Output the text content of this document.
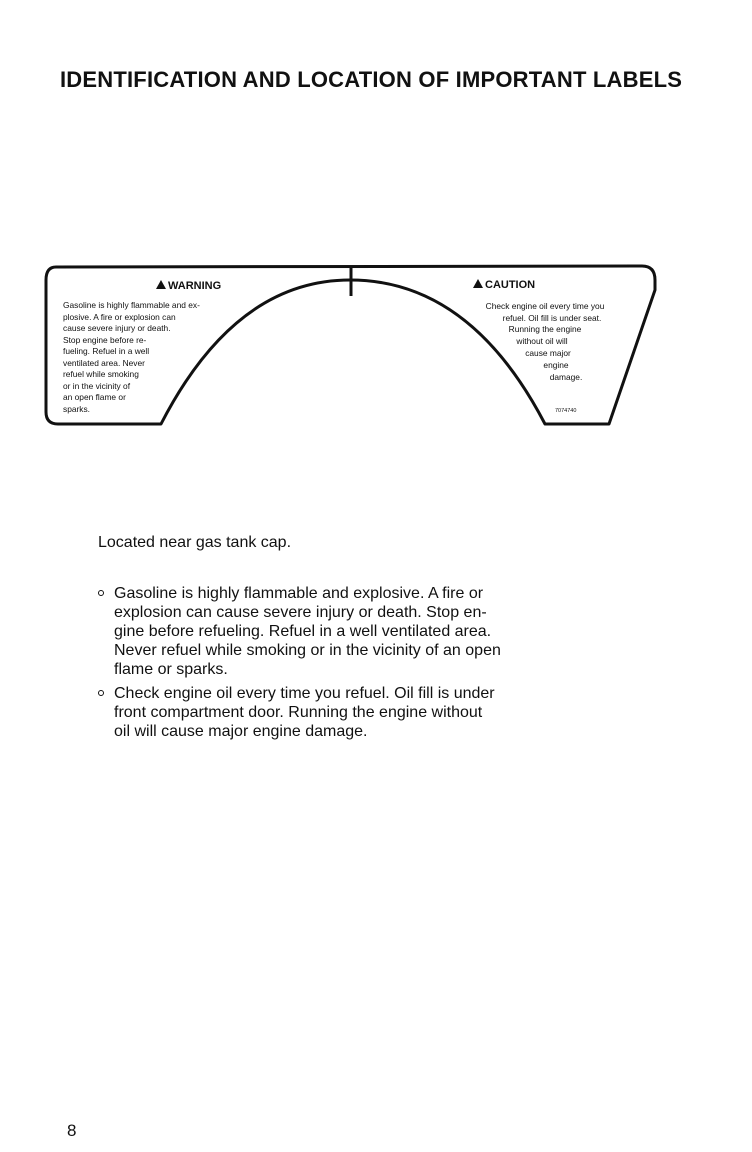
IDENTIFICATION AND LOCATION OF IMPORTANT LABELS
! WARNING
Gasoline is highly flammable and ex-
plosive. A fire or explosion can
cause severe injury or death.
Stop engine before re-
fueling. Refuel in a well
ventilated area. Never
refuel while smoking
or in the vicinity of
an open flame or
sparks.
! CAUTION
Check engine oil every time you
refuel. Oil fill is under seat.
Running the engine
without oil will
cause major
engine
damage.
7074740
Located near gas tank cap.
Gasoline is highly flammable and explosive. A fire or
explosion can cause severe injury or death. Stop en-
gine before refueling. Refuel in a well ventilated area.
Never refuel while smoking or in the vicinity of an open
flame or sparks.
Check engine oil every time you refuel. Oil fill is under
front compartment door. Running the engine without
oil will cause major engine damage.
8
